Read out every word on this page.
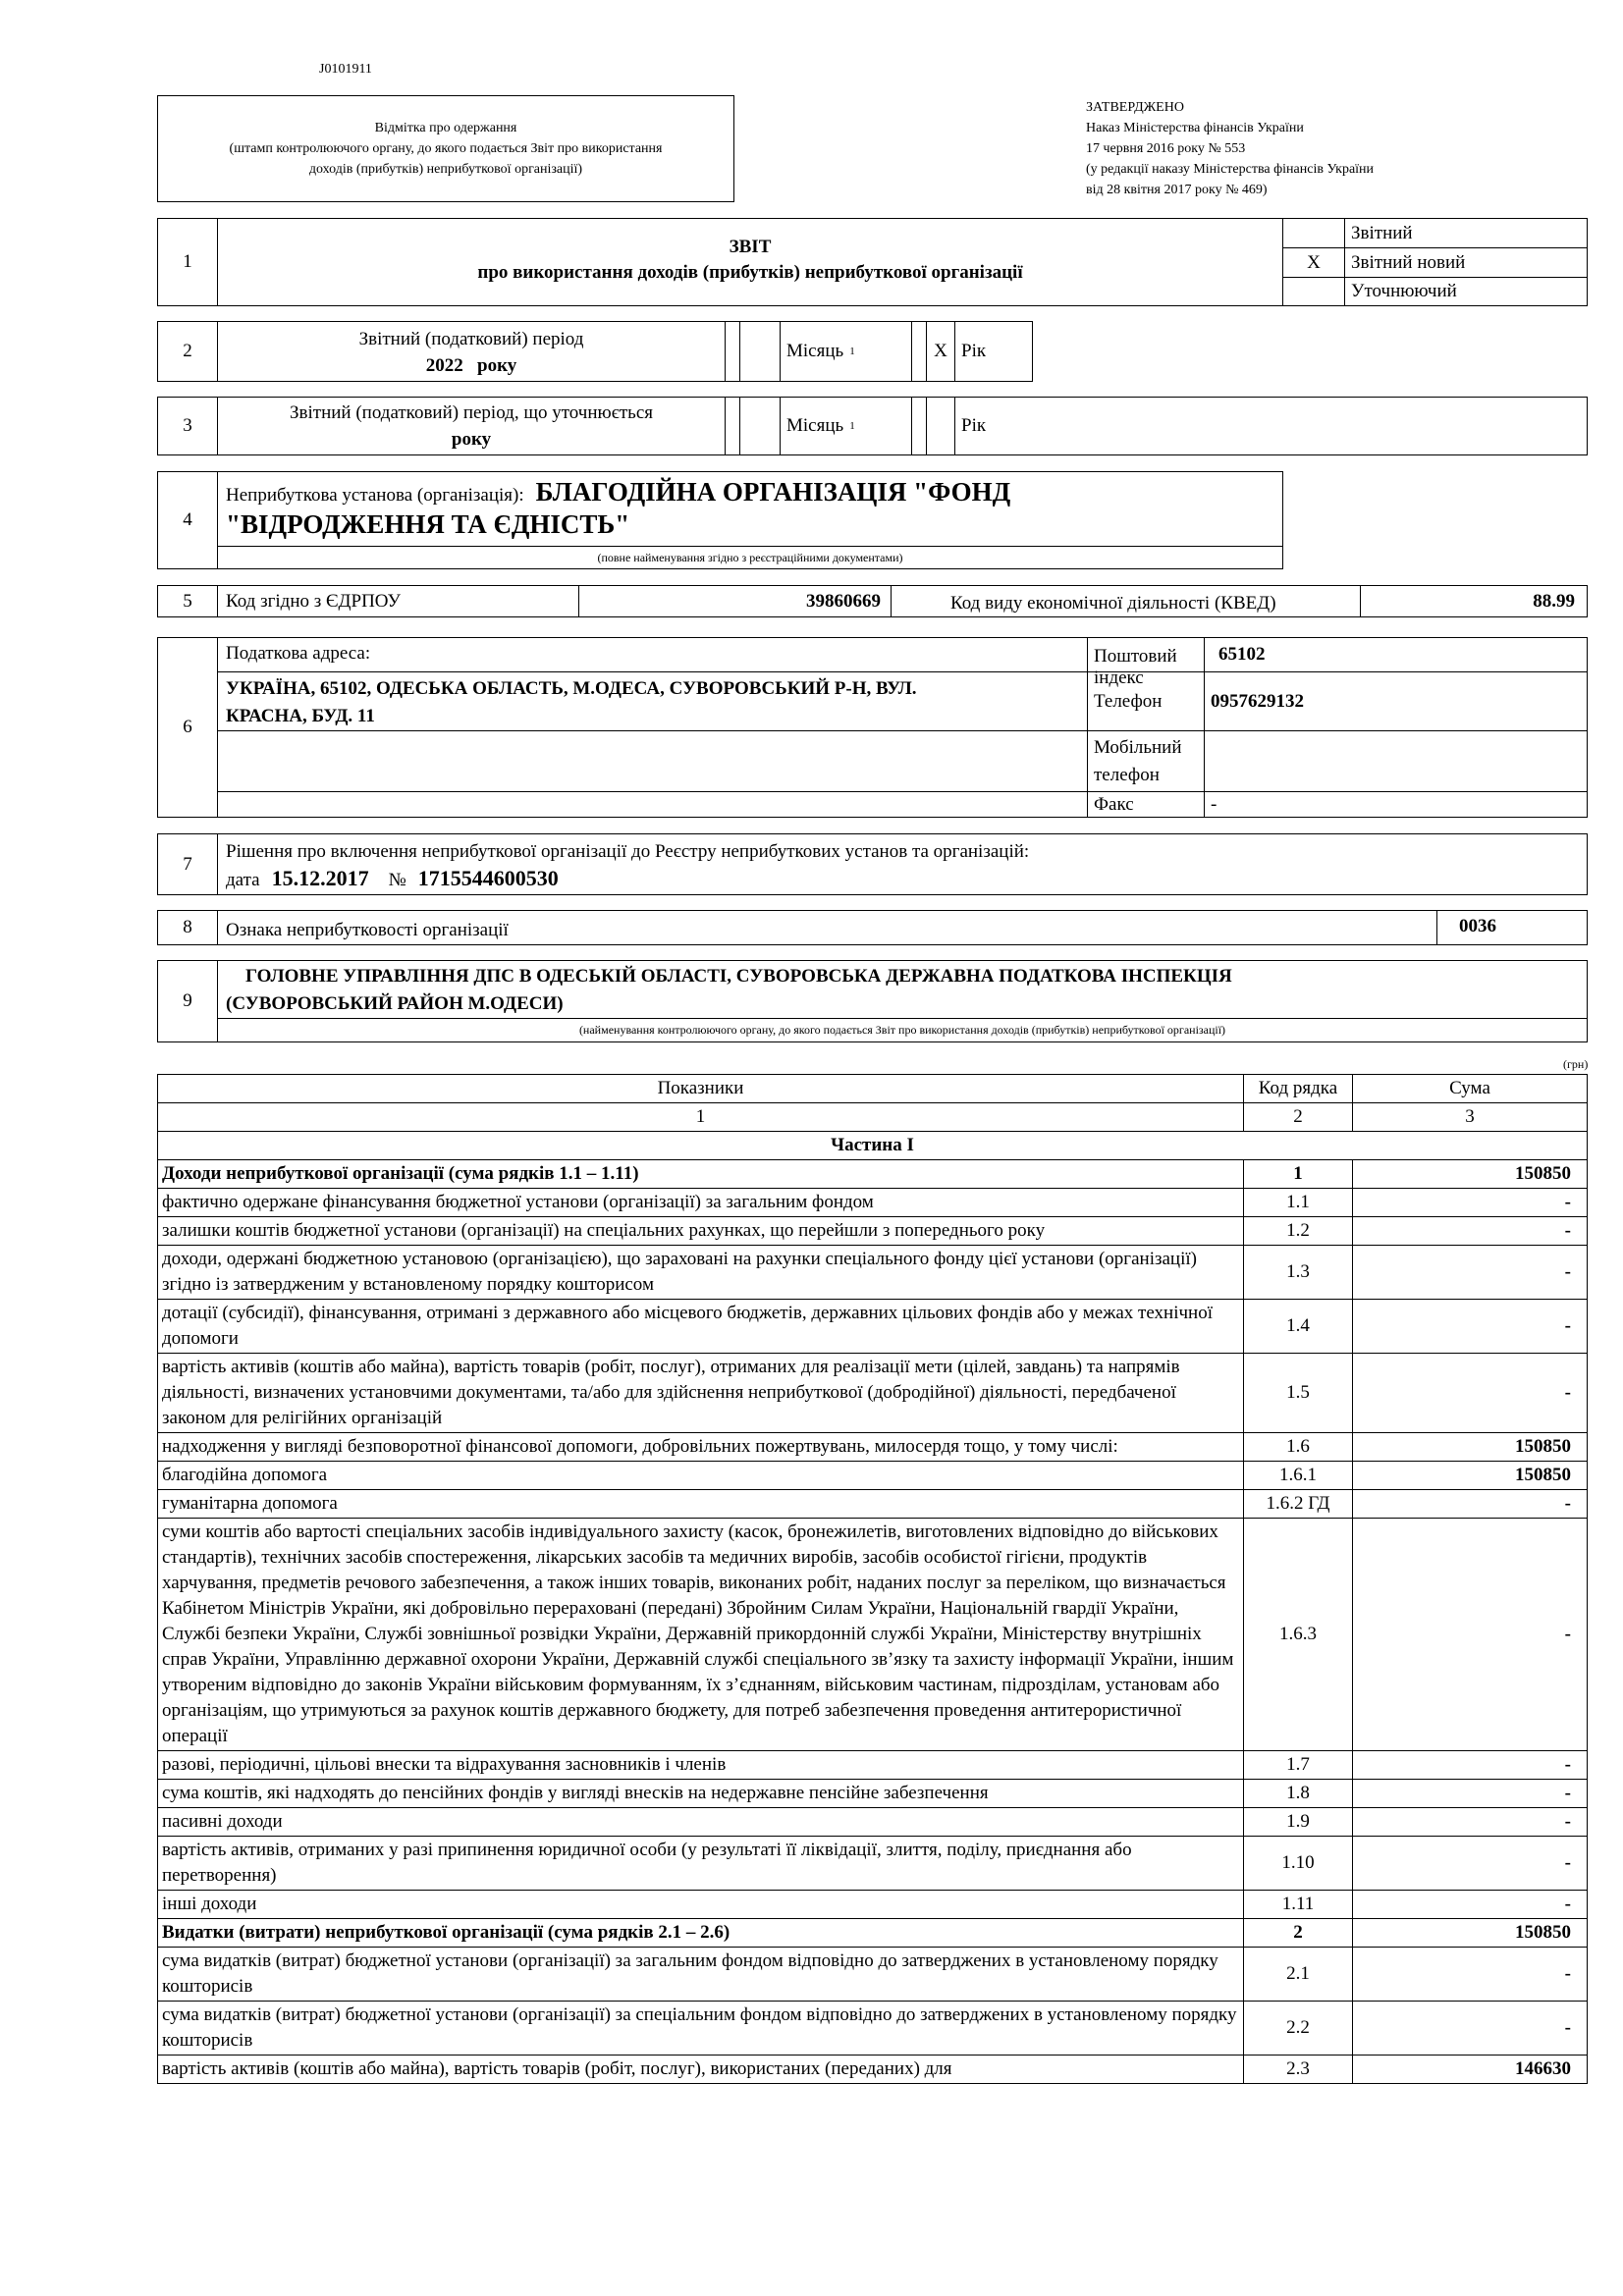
J0101911
Відмітка про одержання
(штамп контролюючого органу, до якого подається Звіт про використання
доходів (прибутків) неприбуткової організації)
ЗАТВЕРДЖЕНО
Наказ Міністерства фінансів України
17 червня 2016 року № 553
(у редакції наказу Міністерства фінансів України
від 28 квітня 2017 року № 469)
1
ЗВІТ
про використання доходів (прибутків) неприбуткової організації
Звітний
X	Звітний новий
Уточнюючий
2
Звітний (податковий) період
2022 року
Місяць 1	X Рік
3
Звітний (податковий) період, що уточнюється
року
Місяць 1	Рік
4
Неприбуткова установа (організація): БЛАГОДІЙНА ОРГАНІЗАЦІЯ "ФОНД
"ВІДРОДЖЕННЯ ТА ЄДНІСТЬ"
(повне найменування згідно з реєстраційними документами)
5	Код згідно з ЄДРПОУ	39860669	Код виду економічної діяльності (КВЕД)	88.99
6
Податкова адреса:
УКРАЇНА, 65102, ОДЕСЬКА ОБЛАСТЬ, М.ОДЕСА, СУВОРОВСЬКИЙ Р-Н, ВУЛ.
КРАСНА, БУД. 11
Поштовий індекс
65102
Телефон	0957629132
Мобільний
телефон
Факс	-
7
Рішення про включення неприбуткової організації до Реєстру неприбуткових установ та організацій:
дата 15.12.2017 № 1715544600530
8	Ознака неприбутковості організації	0036
9
ГОЛОВНЕ УПРАВЛІННЯ ДПС В ОДЕСЬКІЙ ОБЛАСТІ, СУВОРОВСЬКА ДЕРЖАВНА ПОДАТКОВА ІНСПЕКЦІЯ
(СУВОРОВСЬКИЙ РАЙОН М.ОДЕСИ)
(найменування контролюючого органу, до якого подається Звіт про використання доходів (прибутків) неприбуткової організації)
(грн)
Показники	Код рядка	Сума
1	2	3
Частина І		
Доходи неприбуткової організації (сума рядків 1.1 – 1.11)	1	150850
фактично одержане фінансування бюджетної установи (організації) за загальним фондом	1.1	-
залишки коштів бюджетної установи (організації) на спеціальних рахунках, що перейшли з попереднього року	1.2	-
доходи, одержані бюджетною установою (організацією), що зараховані на рахунки спеціального фонду цієї установи (організації) згідно із затвердженим у встановленому порядку кошторисом	1.3	-
дотації (субсидії), фінансування, отримані з державного або місцевого бюджетів, державних цільових фондів або у межах технічної допомоги	1.4	-
вартість активів (коштів або майна), вартість товарів (робіт, послуг), отриманих для реалізації мети (цілей, завдань) та напрямів діяльності, визначених установчими документами, та/або для здійснення неприбуткової (добродійної) діяльності, передбаченої законом для релігійних організацій	1.5	-
надходження у вигляді безповоротної фінансової допомоги, добровільних пожертвувань, милосердя тощо, у тому числі:	1.6	150850
благодійна допомога	1.6.1	150850
гуманітарна допомога	1.6.2 ГД	-
суми коштів або вартості спеціальних засобів індивідуального захисту (касок, бронежилетів, виготовлених відповідно до військових стандартів), технічних засобів спостереження, лікарських засобів та медичних виробів, засобів особистої гігієни, продуктів харчування, предметів речового забезпечення, а також інших товарів, виконаних робіт, наданих послуг за переліком, що визначається Кабінетом Міністрів України, які добровільно перераховані (передані) Збройним Силам України, Національній гвардії України, Службі безпеки України, Службі зовнішньої розвідки України, Державній прикордонній службі України, Міністерству внутрішніх справ України, Управлінню державної охорони України, Державній службі спеціального зв’язку та захисту інформації України, іншим утвореним відповідно до законів України військовим формуванням, їх з’єднанням, військовим частинам, підрозділам, установам або організаціям, що утримуються за рахунок коштів державного бюджету, для потреб забезпечення проведення антитерористичної операції	1.6.3	-
разові, періодичні, цільові внески та відрахування засновників і членів	1.7	-
сума коштів, які надходять до пенсійних фондів у вигляді внесків на недержавне пенсійне забезпечення	1.8	-
пасивні доходи	1.9	-
вартість активів, отриманих у разі припинення юридичної особи (у результаті її ліквідації, злиття, поділу, приєднання або перетворення)	1.10	-
інші доходи	1.11	-
Видатки (витрати) неприбуткової організації (сума рядків 2.1 – 2.6)	2	150850
сума видатків (витрат) бюджетної установи (організації) за загальним фондом відповідно до затверджених в установленому порядку кошторисів	2.1	-
сума видатків (витрат) бюджетної установи (організації) за спеціальним фондом відповідно до затверджених в установленому порядку кошторисів	2.2	-
вартість активів (коштів або майна), вартість товарів (робіт, послуг), використаних (переданих) для	2.3	146630
